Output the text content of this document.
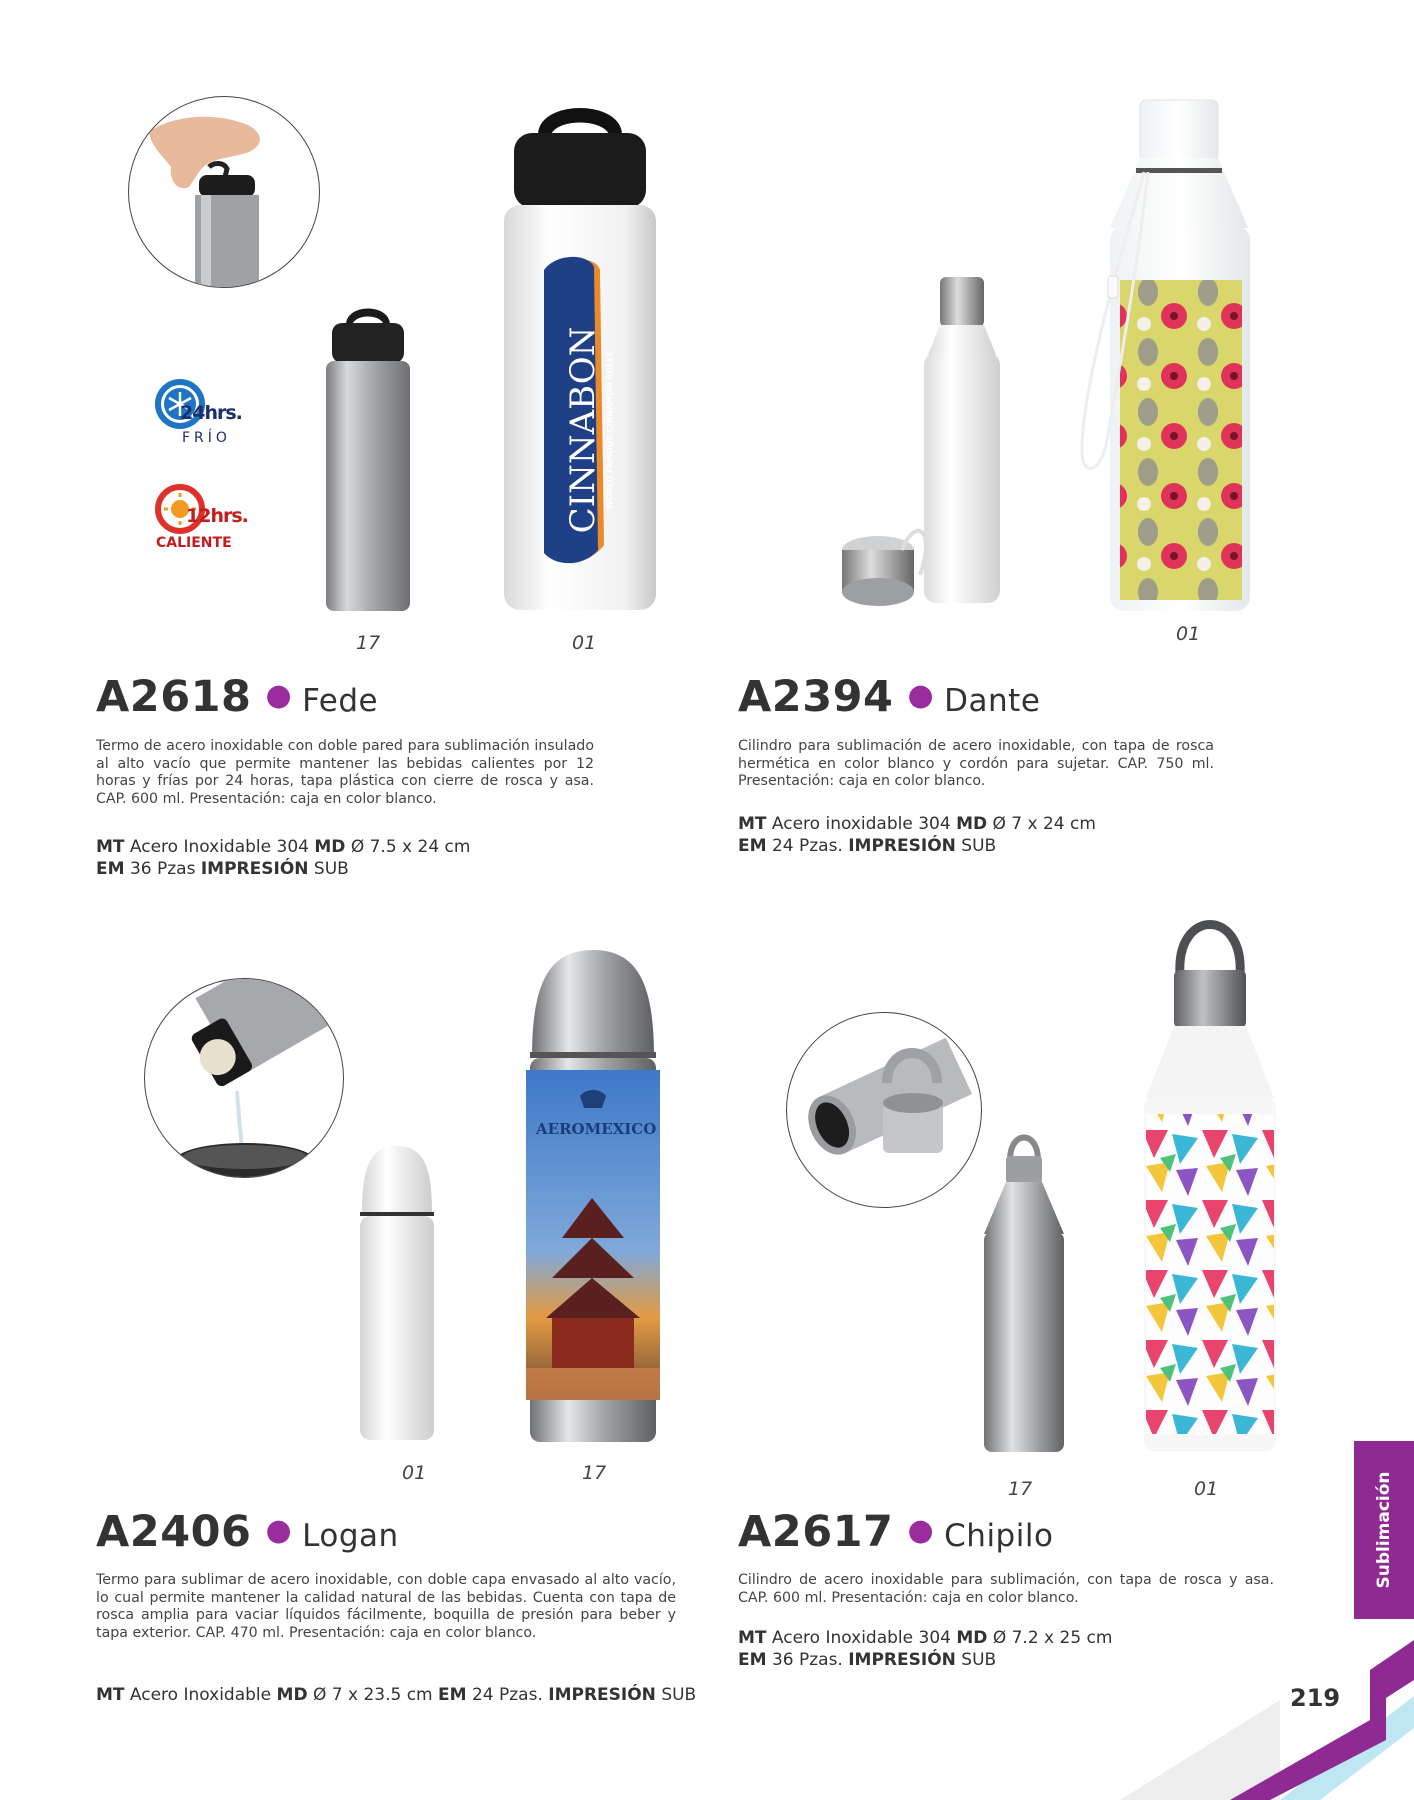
24hrs.
FRÍO
12hrs.
CALIENTE
CINNABON WORLD FAMOUS CINNAMON ROLLS
17	01
A2618 ● Fede
Termo de acero inoxidable con doble pared para sublimación insulado al alto vacío que permite mantener las bebidas calientes por 12 horas y frías por 24 horas, tapa plástica con cierre de rosca y asa. CAP. 600 ml. Presentación: caja en color blanco.
MT Acero Inoxidable 304 MD Ø 7.5 x 24 cm
EM 36 Pzas IMPRESIÓN SUB
01
A2394 ● Dante
Cilindro para sublimación de acero inoxidable, con tapa de rosca hermética en color blanco y cordón para sujetar. CAP. 750 ml. Presentación: caja en color blanco.
MT Acero inoxidable 304 MD Ø 7 x 24 cm
EM 24 Pzas. IMPRESIÓN SUB
AEROMEXICO
01	17
A2406 ● Logan
Termo para sublimar de acero inoxidable, con doble capa envasado al alto vacío, lo cual permite mantener la calidad natural de las bebidas. Cuenta con tapa de rosca amplia para vaciar líquidos fácilmente, boquilla de presión para beber y tapa exterior. CAP. 470 ml. Presentación: caja en color blanco.
MT Acero Inoxidable MD Ø 7 x 23.5 cm EM 24 Pzas. IMPRESIÓN SUB
17	01
A2617 ● Chipilo
Cilindro de acero inoxidable para sublimación, con tapa de rosca y asa. CAP. 600 ml. Presentación: caja en color blanco.
MT Acero Inoxidable 304 MD Ø 7.2 x 25 cm
EM 36 Pzas. IMPRESIÓN SUB
Sublimación
219
